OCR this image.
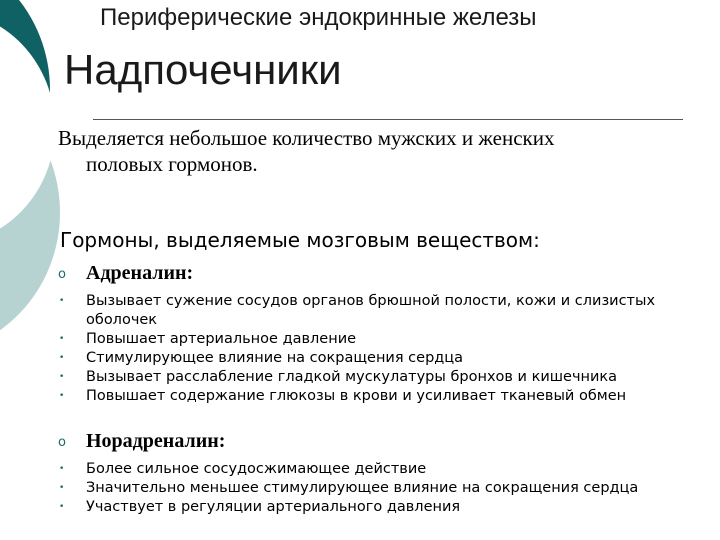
Периферические эндокринные железы
Надпочечники
Выделяется небольшое количество мужских и женских
половых гормонов.
Гормоны, выделяемые мозговым веществом:
o Адреналин:
• Вызывает сужение сосудов органов брюшной полости, кожи и слизистых оболочек
• Повышает артериальное давление
• Стимулирующее влияние на сокращения сердца
• Вызывает расслабление гладкой мускулатуры бронхов и кишечника
• Повышает содержание глюкозы в крови и усиливает тканевый обмен
o Норадреналин:
• Более сильное сосудосжимающее действие
• Значительно меньшее стимулирующее влияние на сокращения сердца
• Участвует в регуляции артериального давления
